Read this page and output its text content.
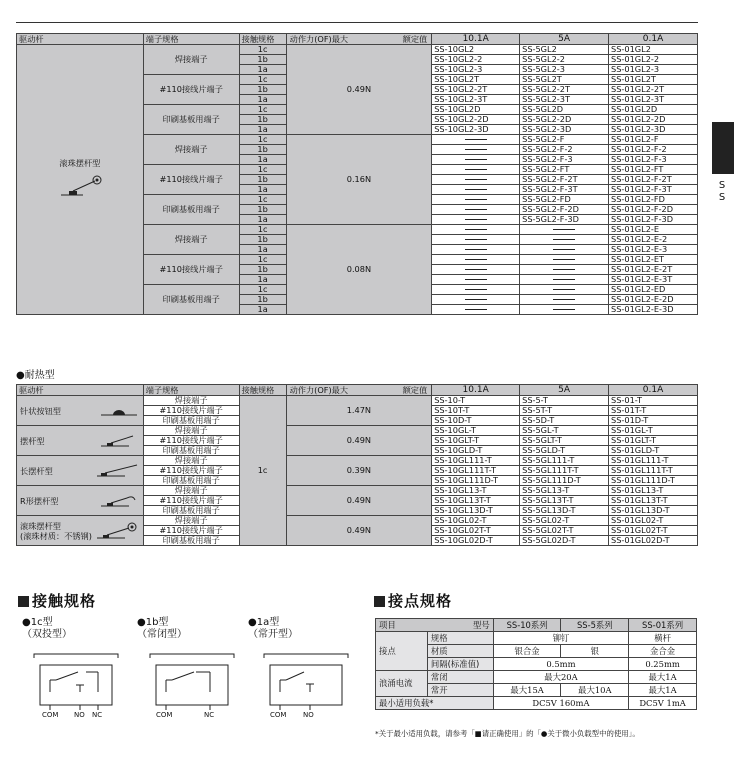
S
S
驱动杆	端子规格	接触规格	额定值
动作力(OF)最大	10.1A	5A	0.1A

滚珠摆杆型	焊接端子	1c	0.49N	SS-10GL2	SS-5GL2	SS-01GL2
		1b		SS-10GL2-2	SS-5GL2-2	SS-01GL2-2
		1a		SS-10GL2-3	SS-5GL2-3	SS-01GL2-3
	#110接线片端子	1c		SS-10GL2T	SS-5GL2T	SS-01GL2T
		1b		SS-10GL2-2T	SS-5GL2-2T	SS-01GL2-2T
		1a		SS-10GL2-3T	SS-5GL2-3T	SS-01GL2-3T
	印刷基板用端子	1c		SS-10GL2D	SS-5GL2D	SS-01GL2D
		1b		SS-10GL2-2D	SS-5GL2-2D	SS-01GL2-2D
		1a		SS-10GL2-3D	SS-5GL2-3D	SS-01GL2-3D
	焊接端子	1c	0.16N		SS-5GL2-F	SS-01GL2-F
		1b			SS-5GL2-F-2	SS-01GL2-F-2
		1a			SS-5GL2-F-3	SS-01GL2-F-3
	#110接线片端子	1c			SS-5GL2-FT	SS-01GL2-FT
		1b			SS-5GL2-F-2T	SS-01GL2-F-2T
		1a			SS-5GL2-F-3T	SS-01GL2-F-3T
	印刷基板用端子	1c			SS-5GL2-FD	SS-01GL2-FD
		1b			SS-5GL2-F-2D	SS-01GL2-F-2D
		1a			SS-5GL2-F-3D	SS-01GL2-F-3D
	焊接端子	1c	0.08N			SS-01GL2-E
		1b				SS-01GL2-E-2
		1a				SS-01GL2-E-3
	#110接线片端子	1c				SS-01GL2-ET
		1b				SS-01GL2-E-2T
		1a				SS-01GL2-E-3T
	印刷基板用端子	1c				SS-01GL2-ED
		1b				SS-01GL2-E-2D
		1a				SS-01GL2-E-3D
●耐热型
驱动杆	端子规格	接触规格	额定值
动作力(OF)最大	10.1A	5A	0.1A

针状按钮型	焊接端子	1c	1.47N	SS-10-T	SS-5-T	SS-01-T
	#110接线片端子			SS-10T-T	SS-5T-T	SS-01T-T
	印刷基板用端子			SS-10D-T	SS-5D-T	SS-01D-T

摆杆型	焊接端子		0.49N	SS-10GL-T	SS-5GL-T	SS-01GL-T
	#110接线片端子			SS-10GLT-T	SS-5GLT-T	SS-01GLT-T
	印刷基板用端子			SS-10GLD-T	SS-5GLD-T	SS-01GLD-T

长摆杆型	焊接端子		0.39N	SS-10GL111-T	SS-5GL111-T	SS-01GL111-T
	#110接线片端子			SS-10GL111T-T	SS-5GL111T-T	SS-01GL111T-T
	印刷基板用端子			SS-10GL111D-T	SS-5GL111D-T	SS-01GL111D-T

R形摆杆型	焊接端子		0.49N	SS-10GL13-T	SS-5GL13-T	SS-01GL13-T
	#110接线片端子			SS-10GL13T-T	SS-5GL13T-T	SS-01GL13T-T
	印刷基板用端子			SS-10GL13D-T	SS-5GL13D-T	SS-01GL13D-T

滚珠摆杆型
(滚珠材质：不锈钢)	焊接端子		0.49N	SS-10GL02-T	SS-5GL02-T	SS-01GL02-T
	#110接线片端子			SS-10GL02T-T	SS-5GL02T-T	SS-01GL02T-T
	印刷基板用端子			SS-10GL02D-T	SS-5GL02D-T	SS-01GL02D-T
接触规格
●1c型
（双投型）
●1b型
（常闭型）
●1a型
（常开型）
COM NO NC	COM	NC	COM NO
接点规格
项目 型号		SS-10系列	SS-5系列	SS-01系列
接点	规格	铆钉		横杆
	材质	银合金	银	金合金
	间隔(标准值)	0.5mm		0.25mm
浪涌电流	常闭	最大20A		最大1A
	常开	最大15A	最大10A	最大1A
最小适用负载*		DC5V 160mA		DC5V 1mA
*关于最小适用负载，请参考「■请正确使用」的「●关于微小负载型中的使用」。
